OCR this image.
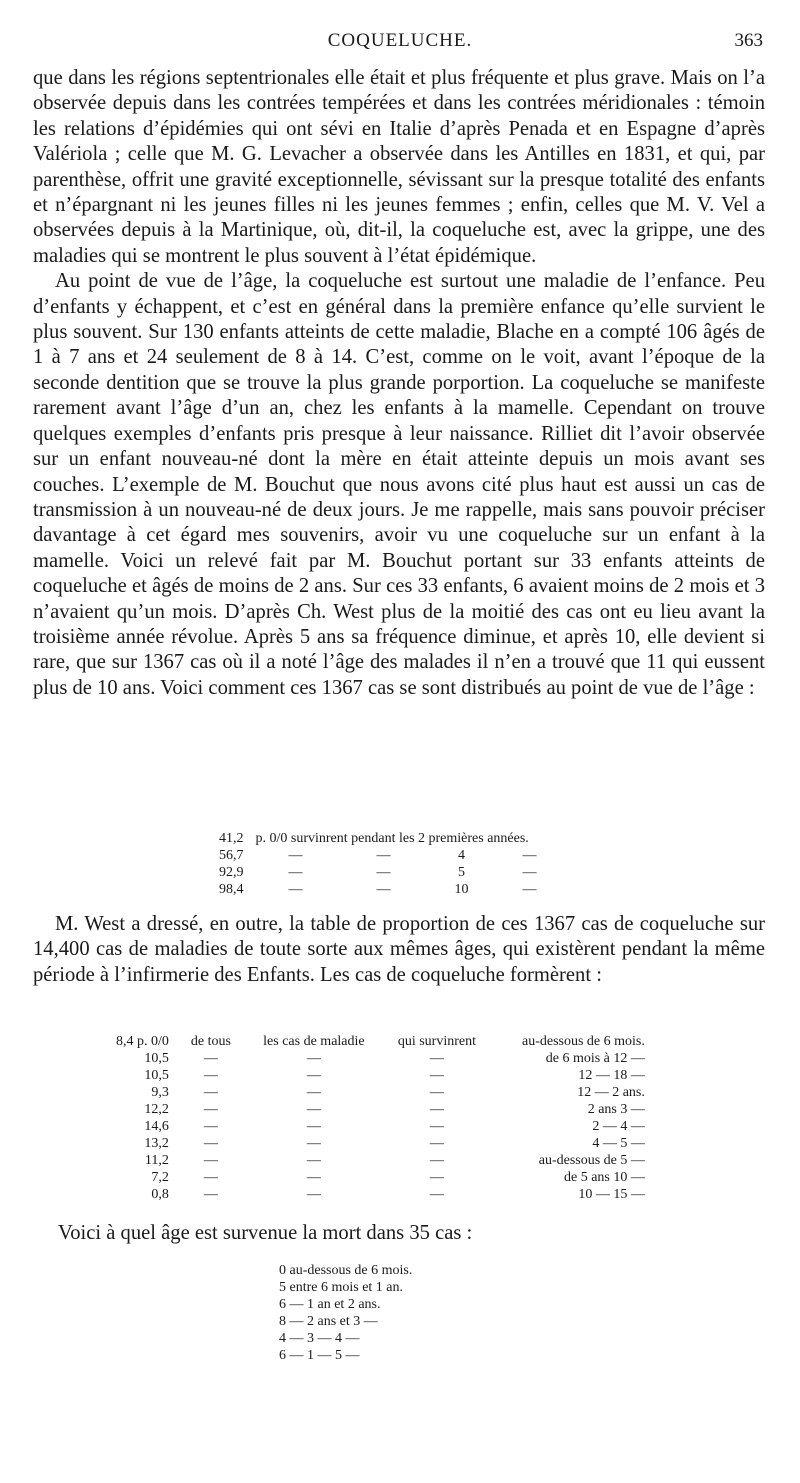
COQUELUCHE.	363

que dans les régions septentrionales elle était et plus fréquente et plus grave. Mais on l’a observée depuis dans les contrées tempérées et dans les contrées méridionales : témoin les relations d’épidémies qui ont sévi en Italie d’après Penada et en Espagne d’après Valériola ; celle que M. G. Levacher a observée dans les Antilles en 1831, et qui, par parenthèse, offrit une gravité exceptionnelle, sévissant sur la presque totalité des enfants et n’épargnant ni les jeunes filles ni les jeunes femmes ; enfin, celles que M. V. Vel a observées depuis à la Martinique, où, dit-il, la coqueluche est, avec la grippe, une des maladies qui se montrent le plus souvent à l’état épidémique.

Au point de vue de l’âge, la coqueluche est surtout une maladie de l’enfance. Peu d’enfants y échappent, et c’est en général dans la première enfance qu’elle survient le plus souvent. Sur 130 enfants atteints de cette maladie, Blache en a compté 106 âgés de 1 à 7 ans et 24 seulement de 8 à 14. C’est, comme on le voit, avant l’époque de la seconde dentition que se trouve la plus grande porportion. La coqueluche se manifeste rarement avant l’âge d’un an, chez les enfants à la mamelle. Cependant on trouve quelques exemples d’enfants pris presque à leur naissance. Rilliet dit l’avoir observée sur un enfant nouveau-né dont la mère en était atteinte depuis un mois avant ses couches. L’exemple de M. Bouchut que nous avons cité plus haut est aussi un cas de transmission à un nouveau-né de deux jours. Je me rappelle, mais sans pouvoir préciser davantage à cet égard mes souvenirs, avoir vu une coqueluche sur un enfant à la mamelle. Voici un relevé fait par M. Bouchut portant sur 33 enfants atteints de coqueluche et âgés de moins de 2 ans. Sur ces 33 enfants, 6 avaient moins de 2 mois et 3 n’avaient qu’un mois. D’après Ch. West plus de la moitié des cas ont eu lieu avant la troisième année révolue. Après 5 ans sa fréquence diminue, et après 10, elle devient si rare, que sur 1367 cas où il a noté l’âge des malades il n’en a trouvé que 11 qui eussent plus de 10 ans. Voici comment ces 1367 cas se sont distribués au point de vue de l’âge :

41,2	p. 0/0 survinrent pendant les 2 premières années.			
56,7	—	—	4	—
92,9	—	—	5	—
98,4	—	—	10	—

M. West a dressé, en outre, la table de proportion de ces 1367 cas de coqueluche sur 14,400 cas de maladies de toute sorte aux mêmes âges, qui existèrent pendant la même période à l’infirmerie des Enfants. Les cas de coqueluche formèrent :

8,4 p. 0/0	de tous	les cas de maladie	qui survinrent	au-dessous de 6 mois.
10,5	—	—	—	de 6 mois à 12 —
10,5	—	—	—	12 — 18 —
9,3	—	—	—	12 — 2 ans.
12,2	—	—	—	2 ans 3 —
14,6	—	—	—	2 — 4 —
13,2	—	—	—	4 — 5 —
11,2	—	—	—	au-dessous de 5 —
7,2	—	—	—	de 5 ans 10 —
0,8	—	—	—	10 — 15 —
Voici à quel âge est survenue la mort dans 35 cas :
0 au-dessous de 6 mois.
5 entre 6 mois et 1 an.
6 — 1 an et 2 ans.
8 — 2 ans et 3 —
4 — 3 — 4 —
6 — 1 — 5 —
